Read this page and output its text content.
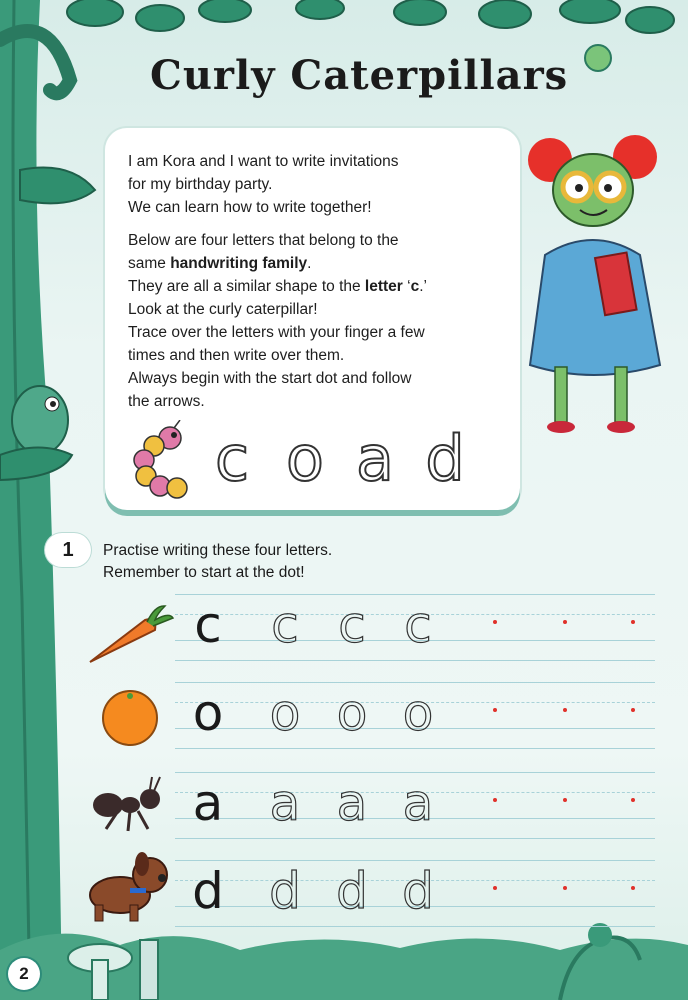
Curly Caterpillars

I am Kora and I want to write invitations
for my birthday party.
We can learn how to write together!

Below are four letters that belong to the
same handwriting family.
They are all a similar shape to the letter ‘c.’
Look at the curly caterpillar!
Trace over the letters with your finger a few
times and then write over them.
Always begin with the start dot and follow
the arrows.

c o a d
1	Practise writing these four letters.
Remember to start at the dot!
c c c c
o o o o
a a a a
d d d d
2
